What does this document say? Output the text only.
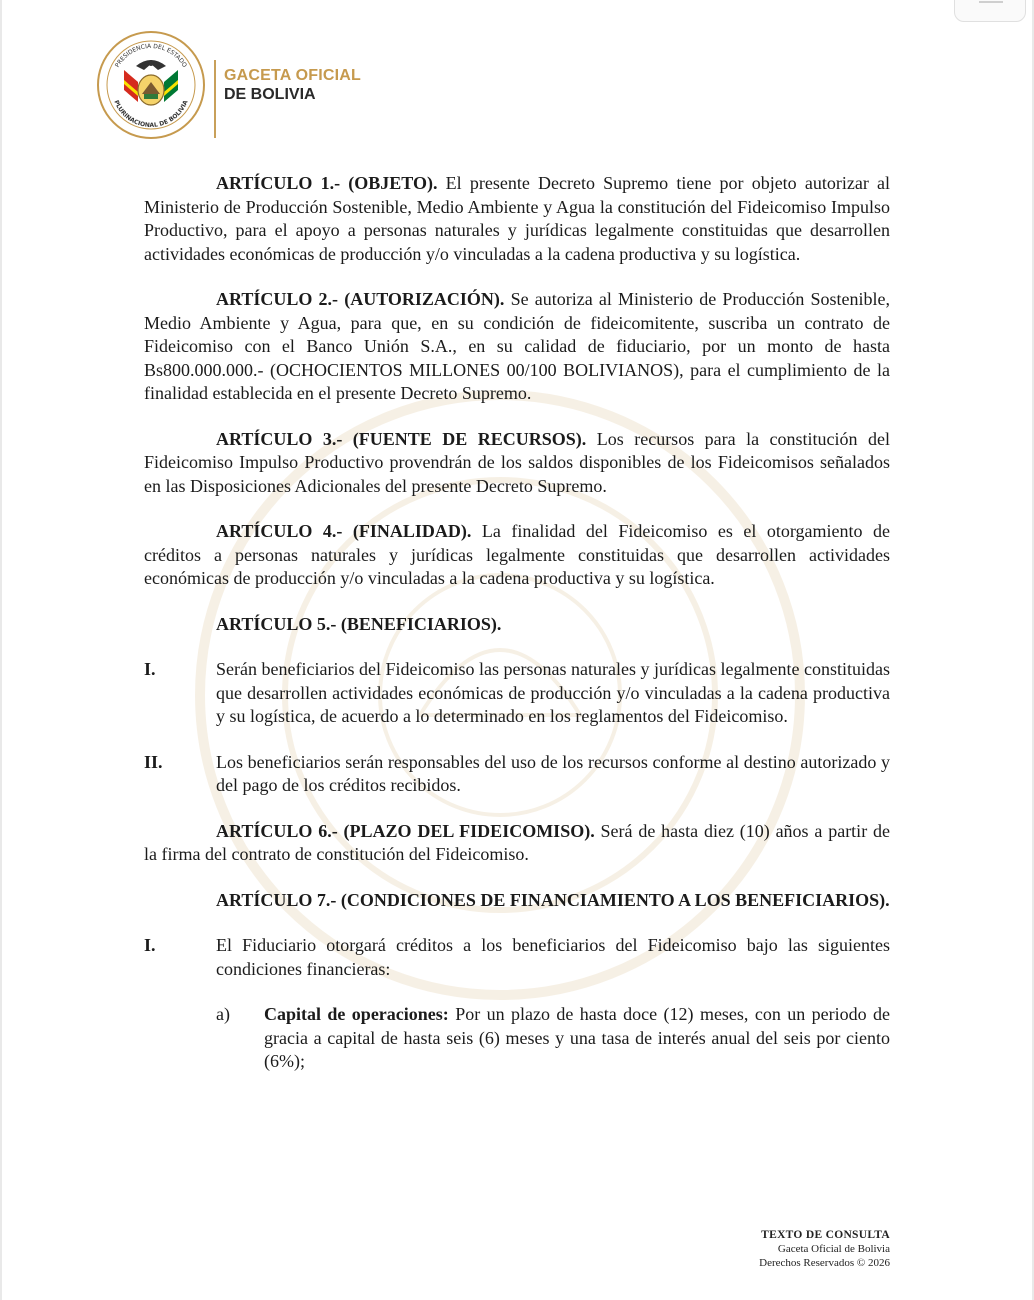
PRESIDENCIA DEL ESTADO
PLURINACIONAL DE BOLIVIA
GACETA OFICIAL
DE BOLIVIA

ARTÍCULO 1.- (OBJETO). El presente Decreto Supremo tiene por objeto autorizar al Ministerio de Producción Sostenible, Medio Ambiente y Agua la constitución del Fideicomiso Impulso Productivo, para el apoyo a personas naturales y jurídicas legalmente constituidas que desarrollen actividades económicas de producción y/o vinculadas a la cadena productiva y su logística.

ARTÍCULO 2.- (AUTORIZACIÓN). Se autoriza al Ministerio de Producción Sostenible, Medio Ambiente y Agua, para que, en su condición de fideicomitente, suscriba un contrato de Fideicomiso con el Banco Unión S.A., en su calidad de fiduciario, por un monto de hasta Bs800.000.000.- (OCHOCIENTOS MILLONES 00/100 BOLIVIANOS), para el cumplimiento de la finalidad establecida en el presente Decreto Supremo.

ARTÍCULO 3.- (FUENTE DE RECURSOS). Los recursos para la constitución del Fideicomiso Impulso Productivo provendrán de los saldos disponibles de los Fideicomisos señalados en las Disposiciones Adicionales del presente Decreto Supremo.

ARTÍCULO 4.- (FINALIDAD). La finalidad del Fideicomiso es el otorgamiento de créditos a personas naturales y jurídicas legalmente constituidas que desarrollen actividades económicas de producción y/o vinculadas a la cadena productiva y su logística.

ARTÍCULO 5.- (BENEFICIARIOS).

I.	Serán beneficiarios del Fideicomiso las personas naturales y jurídicas legalmente constituidas que desarrollen actividades económicas de producción y/o vinculadas a la cadena productiva y su logística, de acuerdo a lo determinado en los reglamentos del Fideicomiso.

II.	Los beneficiarios serán responsables del uso de los recursos conforme al destino autorizado y del pago de los créditos recibidos.

ARTÍCULO 6.- (PLAZO DEL FIDEICOMISO). Será de hasta diez (10) años a partir de la firma del contrato de constitución del Fideicomiso.

ARTÍCULO 7.- (CONDICIONES DE FINANCIAMIENTO A LOS BENEFICIARIOS).

I.	El Fiduciario otorgará créditos a los beneficiarios del Fideicomiso bajo las siguientes condiciones financieras:

a)	Capital de operaciones: Por un plazo de hasta doce (12) meses, con un periodo de gracia a capital de hasta seis (6) meses y una tasa de interés anual del seis por ciento (6%);

TEXTO DE CONSULTA
Gaceta Oficial de Bolivia
Derechos Reservados © 2026
